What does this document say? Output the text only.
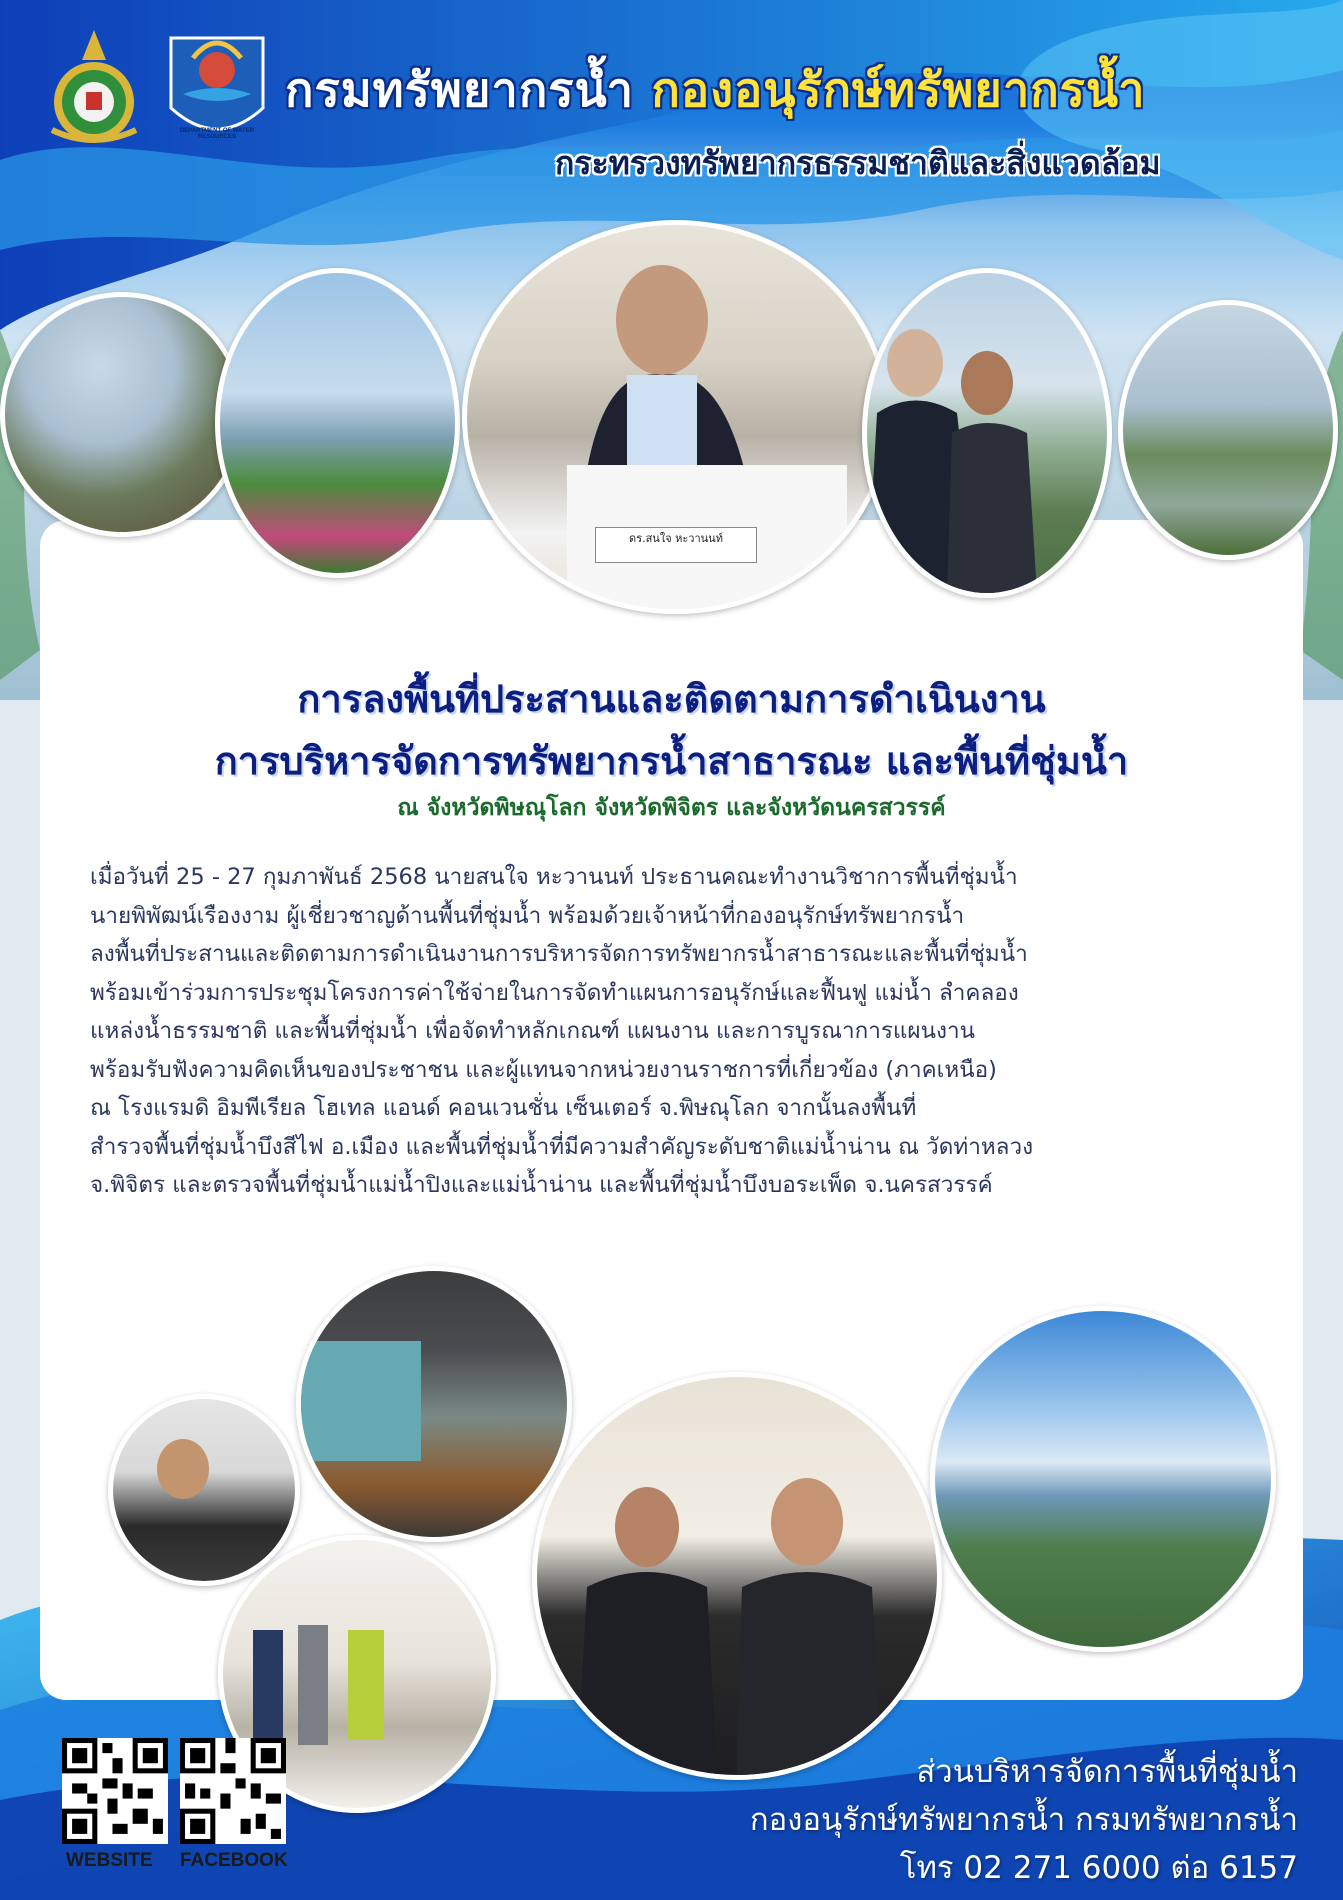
DEPARTMENT OF WATER RESOURCES
กรมทรัพยากรน้ำ กองอนุรักษ์ทรัพยากรน้ำ
กระทรวงทรัพยากรธรรมชาติและสิ่งแวดล้อม
ดร.สนใจ หะวานนท์
การลงพื้นที่ประสานและติดตามการดำเนินงาน
การบริหารจัดการทรัพยากรน้ำสาธารณะ และพื้นที่ชุ่มน้ำ
ณ จังหวัดพิษณุโลก จังหวัดพิจิตร และจังหวัดนครสวรรค์
เมื่อวันที่ 25 - 27 กุมภาพันธ์ 2568 นายสนใจ หะวานนท์ ประธานคณะทำงานวิชาการพื้นที่ชุ่มน้ำ
นายพิพัฒน์เรืองงาม ผู้เชี่ยวชาญด้านพื้นที่ชุ่มน้ำ พร้อมด้วยเจ้าหน้าที่กองอนุรักษ์ทรัพยากรน้ำ
ลงพื้นที่ประสานและติดตามการดำเนินงานการบริหารจัดการทรัพยากรน้ำสาธารณะและพื้นที่ชุ่มน้ำ
พร้อมเข้าร่วมการประชุมโครงการค่าใช้จ่ายในการจัดทำแผนการอนุรักษ์และฟื้นฟู แม่น้ำ ลำคลอง
แหล่งน้ำธรรมชาติ และพื้นที่ชุ่มน้ำ เพื่อจัดทำหลักเกณฑ์ แผนงาน และการบูรณาการแผนงาน
พร้อมรับฟังความคิดเห็นของประชาชน และผู้แทนจากหน่วยงานราชการที่เกี่ยวข้อง (ภาคเหนือ)
ณ โรงแรมดิ อิมพีเรียล โฮเทล แอนด์ คอนเวนชั่น เซ็นเตอร์ จ.พิษณุโลก จากนั้นลงพื้นที่
สำรวจพื้นที่ชุ่มน้ำบึงสีไฟ อ.เมือง และพื้นที่ชุ่มน้ำที่มีความสำคัญระดับชาติแม่น้ำน่าน ณ วัดท่าหลวง
จ.พิจิตร และตรวจพื้นที่ชุ่มน้ำแม่น้ำปิงและแม่น้ำน่าน และพื้นที่ชุ่มน้ำบึงบอระเพ็ด จ.นครสวรรค์
WEBSITE FACEBOOK
ส่วนบริหารจัดการพื้นที่ชุ่มน้ำ
กองอนุรักษ์ทรัพยากรน้ำ กรมทรัพยากรน้ำ
โทร 02 271 6000 ต่อ 6157
